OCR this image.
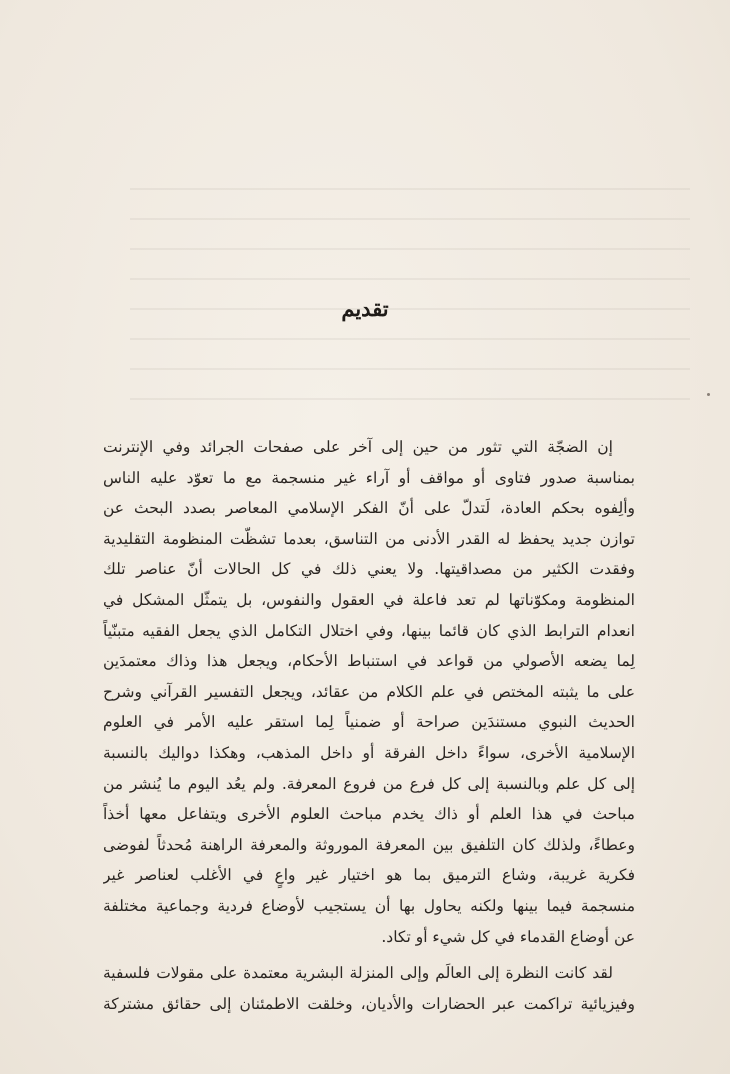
تقديم
إن الضجّة التي تثور من حين إلى آخر على صفحات الجرائد وفي الإنترنت
بمناسبة صدور فتاوى أو مواقف أو آراء غير منسجمة مع ما تعوّد عليه الناس
وألِفوه بحكم العادة، لَتدلّ على أنّ الفكر الإسلامي المعاصر بصدد البحث عن
توازن جديد يحفظ له القدر الأدنى من التناسق، بعدما تشظّت المنظومة التقليدية
وفقدت الكثير من مصداقيتها. ولا يعني ذلك في كل الحالات أنّ عناصر تلك
المنظومة ومكوّناتها لم تعد فاعلة في العقول والنفوس، بل يتمثّل المشكل في
انعدام الترابط الذي كان قائما بينها، وفي اختلال التكامل الذي يجعل الفقيه متبنّياً
لِما يضعه الأصولي من قواعد في استنباط الأحكام، ويجعل هذا وذاك معتمدَين
على ما يثبته المختص في علم الكلام من عقائد، ويجعل التفسير القرآني وشرح
الحديث النبوي مستندَين صراحة أو ضمنياً لِما استقر عليه الأمر في العلوم
الإسلامية الأخرى، سواءً داخل الفرقة أو داخل المذهب، وهكذا دواليك بالنسبة
إلى كل علم وبالنسبة إلى كل فرع من فروع المعرفة. ولم يعُد اليوم ما يُنشر من
مباحث في هذا العلم أو ذاك يخدم مباحث العلوم الأخرى ويتفاعل معها أخذاً
وعطاءً، ولذلك كان التلفيق بين المعرفة الموروثة والمعرفة الراهنة مُحدثاً لفوضى
فكرية غريبة، وشاع الترميق بما هو اختيار غير واعٍ في الأغلب لعناصر غير
منسجمة فيما بينها ولكنه يحاول بها أن يستجيب لأوضاع فردية وجماعية مختلفة
عن أوضاع القدماء في كل شيء أو تكاد.
لقد كانت النظرة إلى العالَم وإلى المنزلة البشرية معتمدة على مقولات فلسفية
وفيزيائية تراكمت عبر الحضارات والأديان، وخلقت الاطمئنان إلى حقائق مشتركة
